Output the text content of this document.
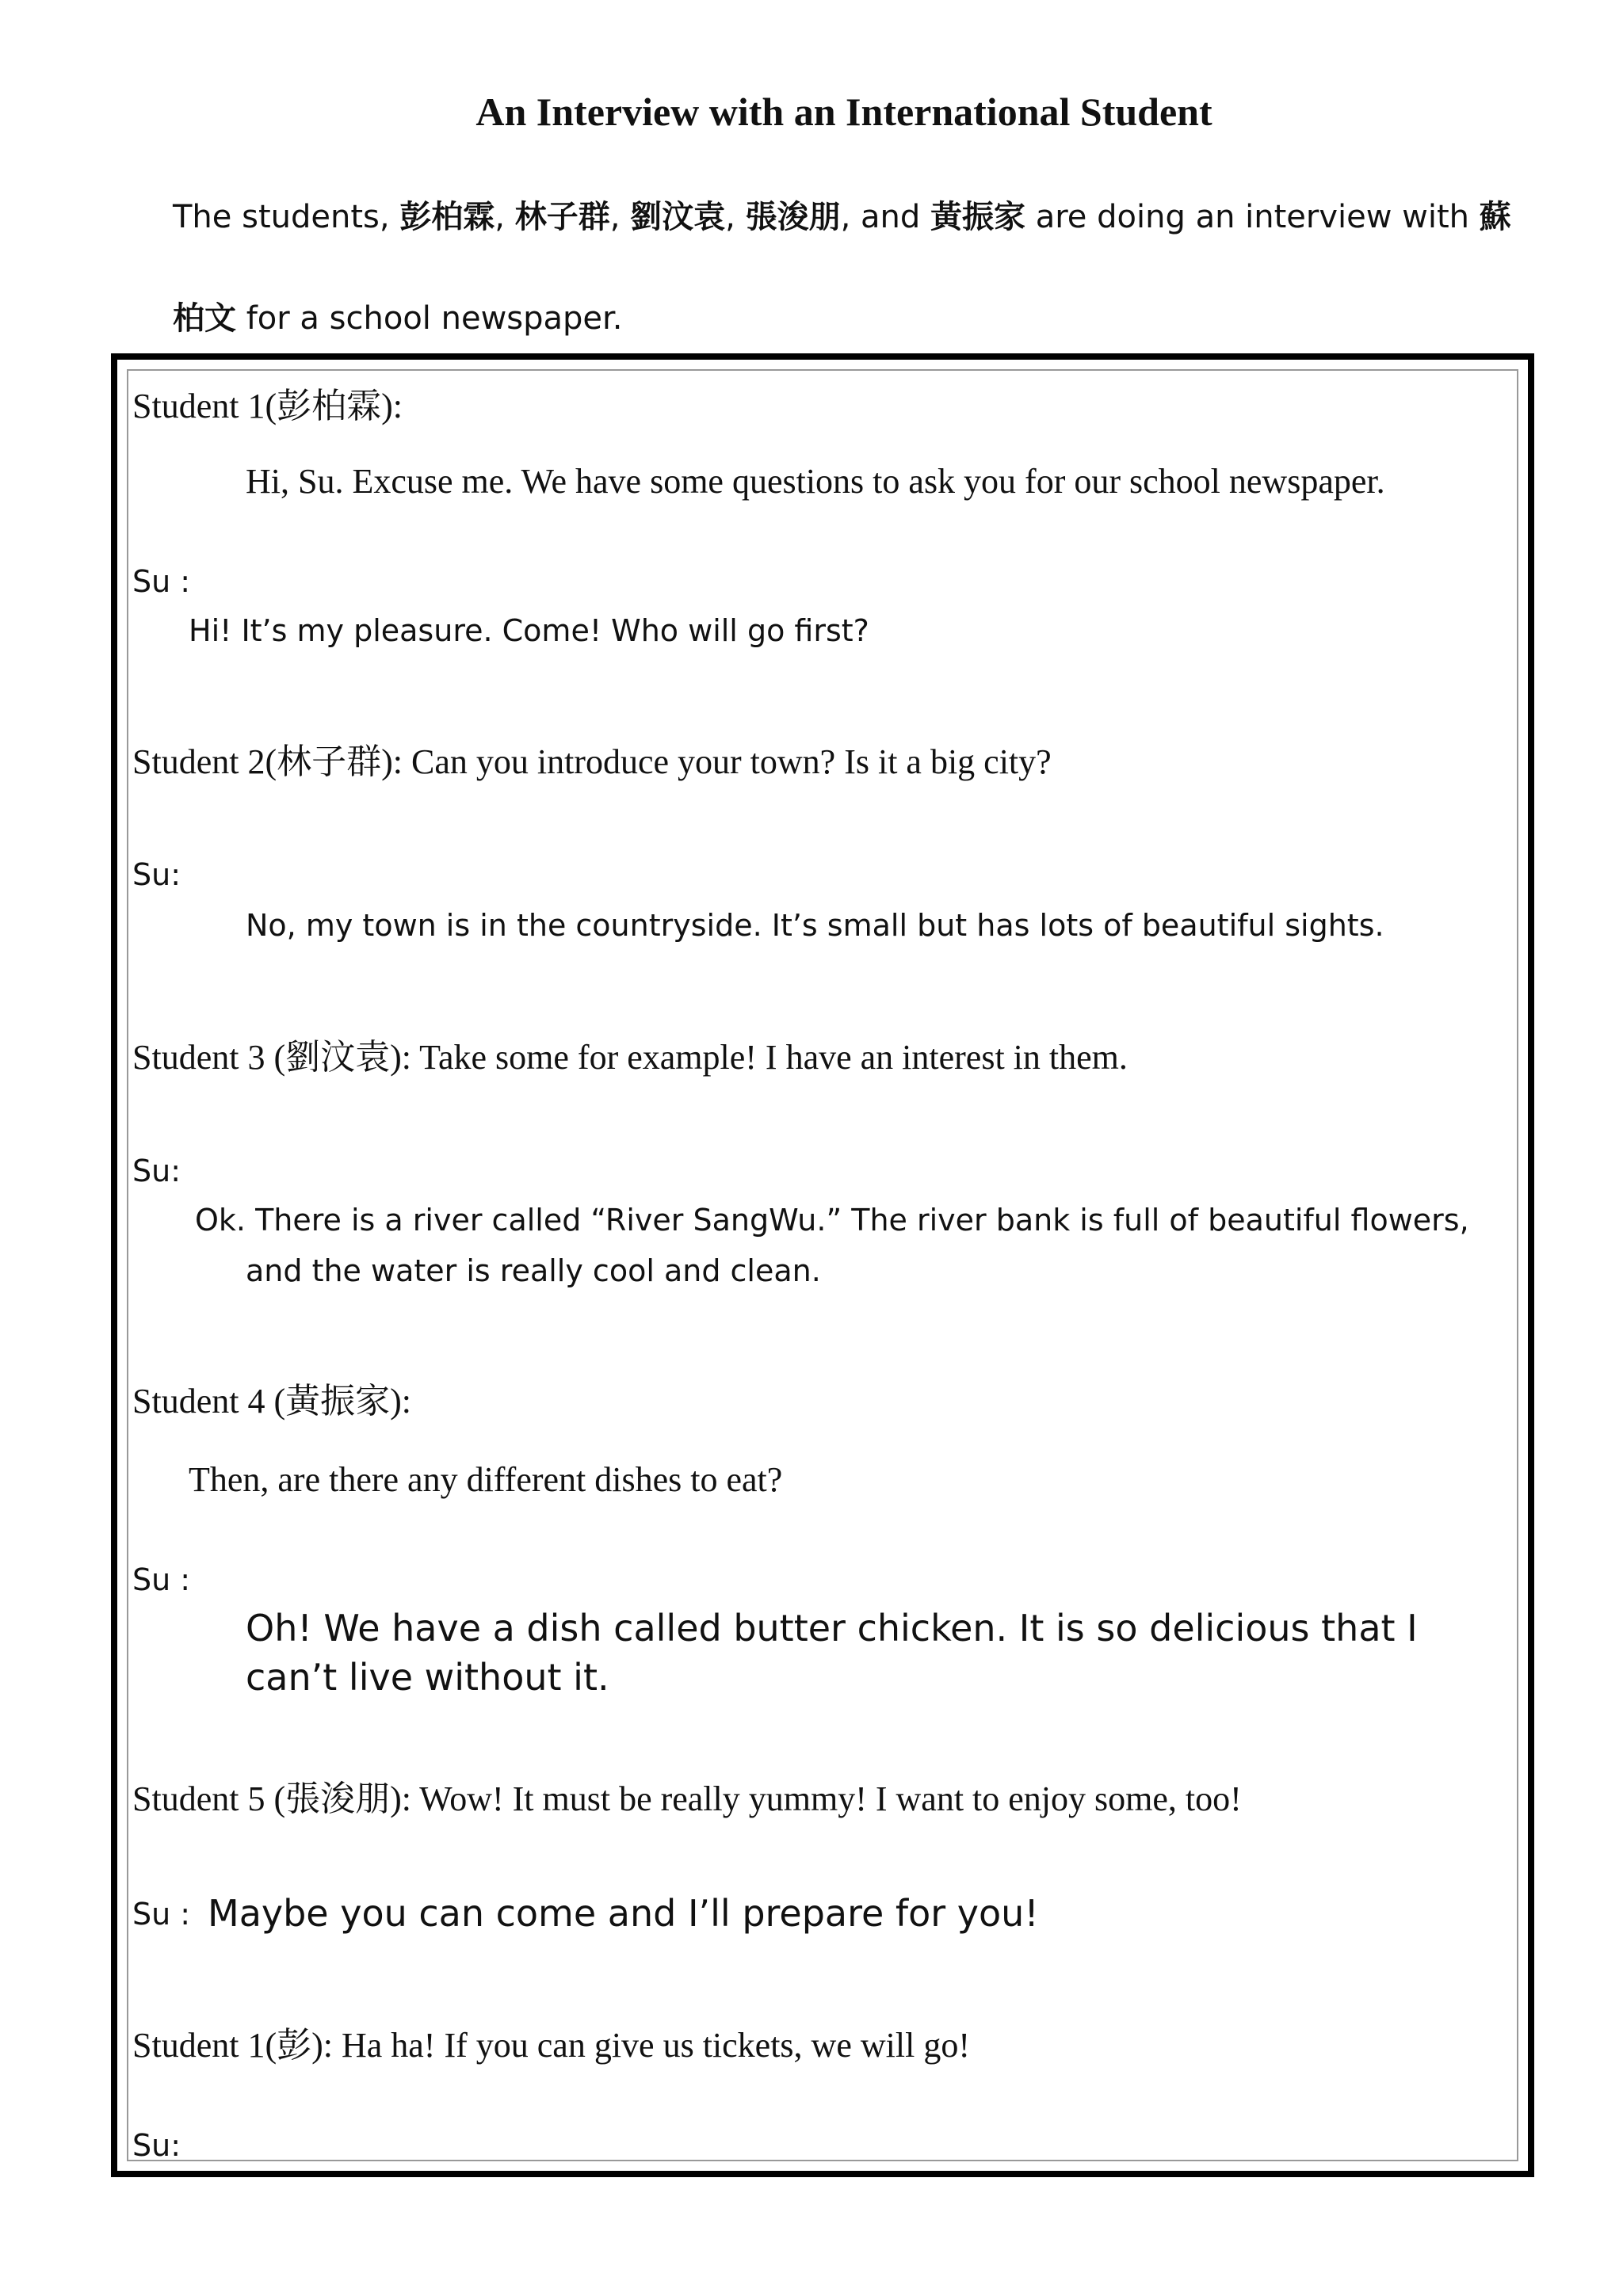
An Interview with an International Student
The students, 彭柏霖, 林子群, 劉汶袁, 張浚朋, and 黃振家 are doing an interview with 蘇
柏文 for a school newspaper.
Student 1(彭柏霖):
Hi, Su. Excuse me. We have some questions to ask you for our school newspaper.
Su :
Hi! It’s my pleasure. Come! Who will go first?
Student 2(林子群): Can you introduce your town? Is it a big city?
Su:
No, my town is in the countryside. It’s small but has lots of beautiful sights.
Student 3 (劉汶袁): Take some for example! I have an interest in them.
Su:
Ok. There is a river called “River SangWu.” The river bank is full of beautiful flowers,
and the water is really cool and clean.
Student 4 (黃振家):
Then, are there any different dishes to eat?
Su :
Oh! We have a dish called butter chicken. It is so delicious that I
can’t live without it.
Student 5 (張浚朋): Wow! It must be really yummy! I want to enjoy some, too!
Su : Maybe you can come and I’ll prepare for you!
Student 1(彭): Ha ha! If you can give us tickets, we will go!
Su:
